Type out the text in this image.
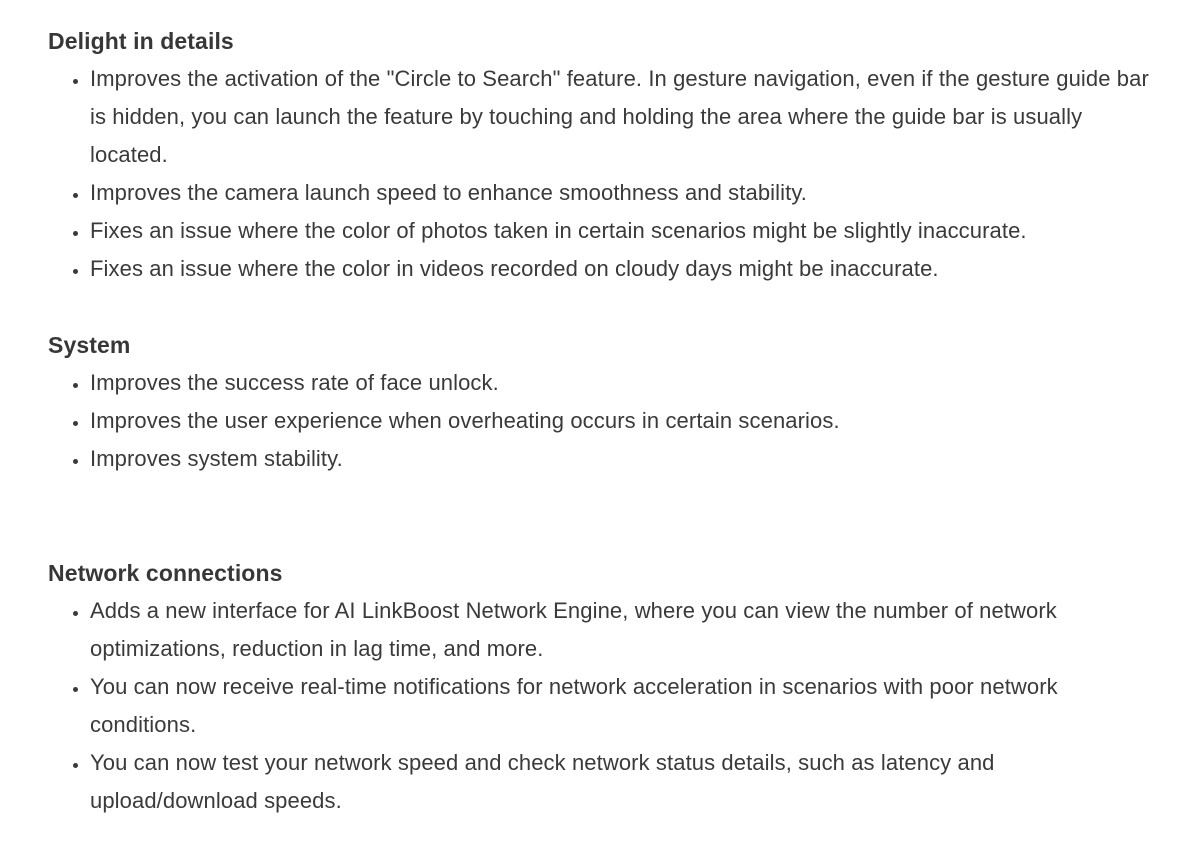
Delight in details
• Improves the activation of the "Circle to Search" feature. In gesture navigation, even if the gesture guide bar is hidden, you can launch the feature by touching and holding the area where the guide bar is usually located.
• Improves the camera launch speed to enhance smoothness and stability.
• Fixes an issue where the color of photos taken in certain scenarios might be slightly inaccurate.
• Fixes an issue where the color in videos recorded on cloudy days might be inaccurate.
System
• Improves the success rate of face unlock.
• Improves the user experience when overheating occurs in certain scenarios.
• Improves system stability.
Network connections
• Adds a new interface for AI LinkBoost Network Engine, where you can view the number of network optimizations, reduction in lag time, and more.
• You can now receive real-time notifications for network acceleration in scenarios with poor network conditions.
• You can now test your network speed and check network status details, such as latency and upload/download speeds.
